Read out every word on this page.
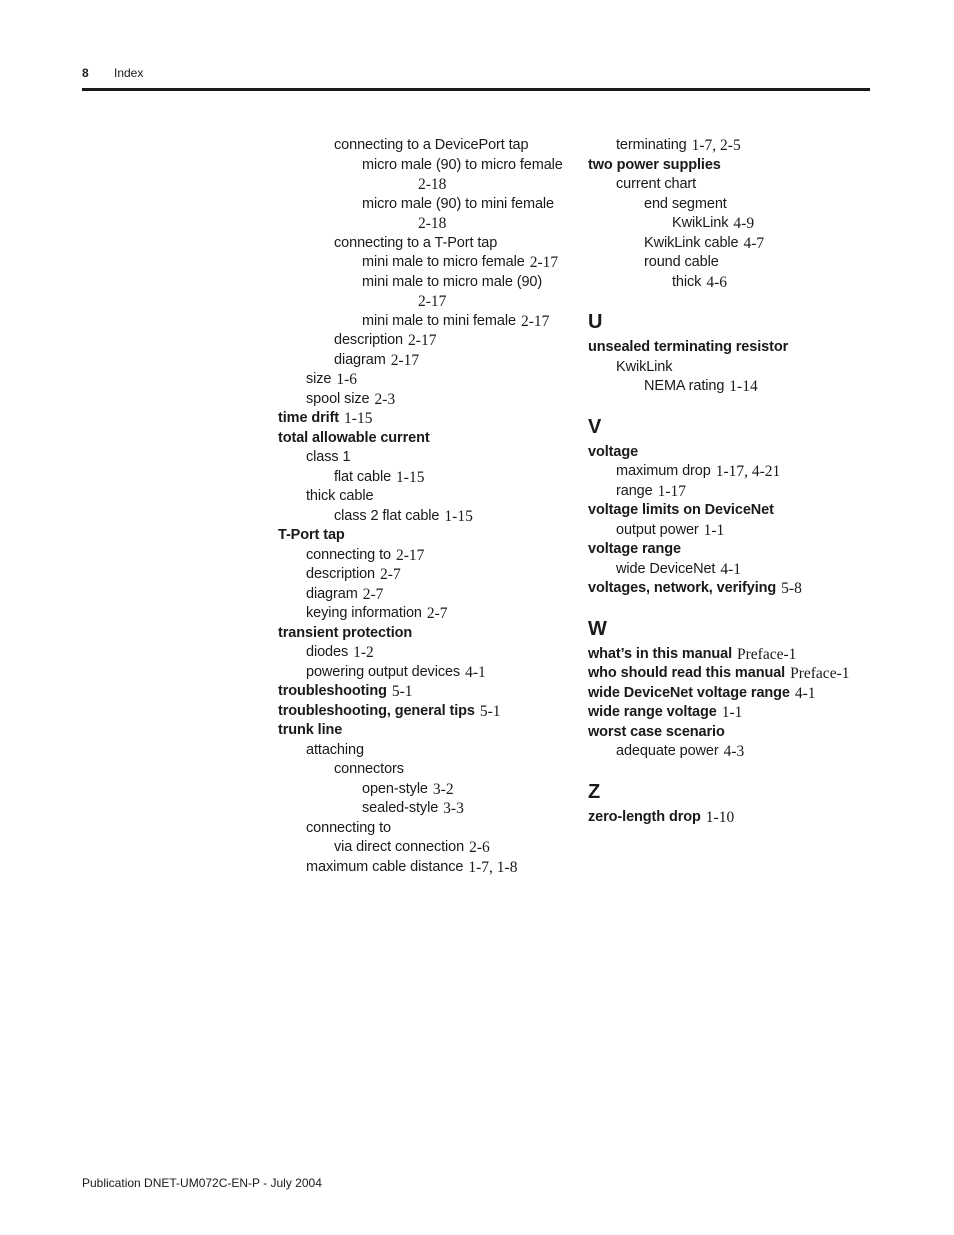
8 Index
connecting to a DevicePort tap
micro male (90) to micro female
2-18
micro male (90) to mini female
2-18
connecting to a T-Port tap
mini male to micro female 2-17
mini male to micro male (90)
2-17
mini male to mini female 2-17
description 2-17
diagram 2-17
size 1-6
spool size 2-3
time drift 1-15
total allowable current
class 1
flat cable 1-15
thick cable
class 2 flat cable 1-15
T-Port tap
connecting to 2-17
description 2-7
diagram 2-7
keying information 2-7
transient protection
diodes 1-2
powering output devices 4-1
troubleshooting 5-1
troubleshooting, general tips 5-1
trunk line
attaching
connectors
open-style 3-2
sealed-style 3-3
connecting to
via direct connection 2-6
maximum cable distance 1-7, 1-8
terminating 1-7, 2-5
two power supplies
current chart
end segment
KwikLink 4-9
KwikLink cable 4-7
round cable
thick 4-6
U
unsealed terminating resistor
KwikLink
NEMA rating 1-14
V
voltage
maximum drop 1-17, 4-21
range 1-17
voltage limits on DeviceNet
output power 1-1
voltage range
wide DeviceNet 4-1
voltages, network, verifying 5-8
W
what’s in this manual Preface-1
who should read this manual Preface-1
wide DeviceNet voltage range 4-1
wide range voltage 1-1
worst case scenario
adequate power 4-3
Z
zero-length drop 1-10
Publication DNET-UM072C-EN-P - July 2004
